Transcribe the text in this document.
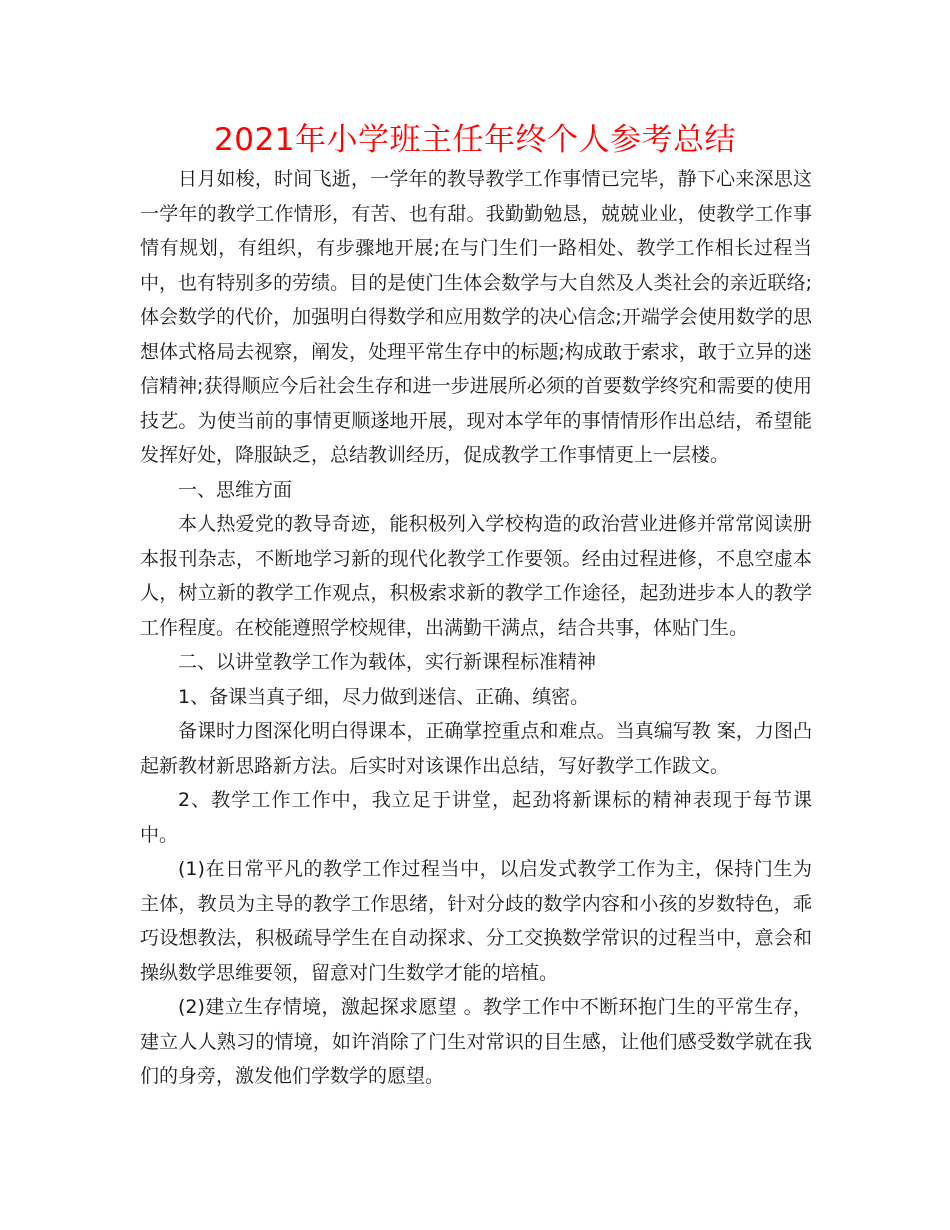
2021年小学班主任年终个人参考总结

日月如梭，时间飞逝，一学年的教导教学工作事情已完毕，静下心来深思这一学年的教学工作情形，有苦、也有甜。我勤勤勉恳，兢兢业业，使教学工作事情有规划，有组织，有步骤地开展;在与门生们一路相处、教学工作相长过程当中，也有特别多的劳绩。目的是使门生体会数学与大自然及人类社会的亲近联络;体会数学的代价，加强明白得数学和应用数学的决心信念;开端学会使用数学的思想体式格局去视察，阐发，处理平常生存中的标题;构成敢于索求，敢于立异的迷信精神;获得顺应今后社会生存和进一步进展所必须的首要数学终究和需要的使用技艺。为使当前的事情更顺遂地开展，现对本学年的事情情形作出总结，希望能发挥好处，降服缺乏，总结教训经历，促成教学工作事情更上一层楼。

一、思维方面

本人热爱党的教导奇迹，能积极列入学校构造的政治营业进修并常常阅读册本报刊杂志，不断地学习新的现代化教学工作要领。经由过程进修，不息空虚本人，树立新的教学工作观点，积极索求新的教学工作途径，起劲进步本人的教学工作程度。在校能遵照学校规律，出满勤干满点，结合共事，体贴门生。

二、以讲堂教学工作为载体，实行新课程标准精神

1、备课当真子细，尽力做到迷信、正确、缜密。

备课时力图深化明白得课本，正确掌控重点和难点。当真编写教 案，力图凸起新教材新思路新方法。后实时对该课作出总结，写好教学工作跋文。

2、教学工作工作中，我立足于讲堂，起劲将新课标的精神表现于每节课中。

(1)在日常平凡的教学工作过程当中，以启发式教学工作为主，保持门生为主体，教员为主导的教学工作思绪，针对分歧的数学内容和小孩的岁数特色，乖巧设想教法，积极疏导学生在自动探求、分工交换数学常识的过程当中，意会和操纵数学思维要领，留意对门生数学才能的培植。

(2)建立生存情境，激起探求愿望 。教学工作中不断环抱门生的平常生存，建立人人熟习的情境，如许消除了门生对常识的目生感，让他们感受数学就在我们的身旁，激发他们学数学的愿望。
